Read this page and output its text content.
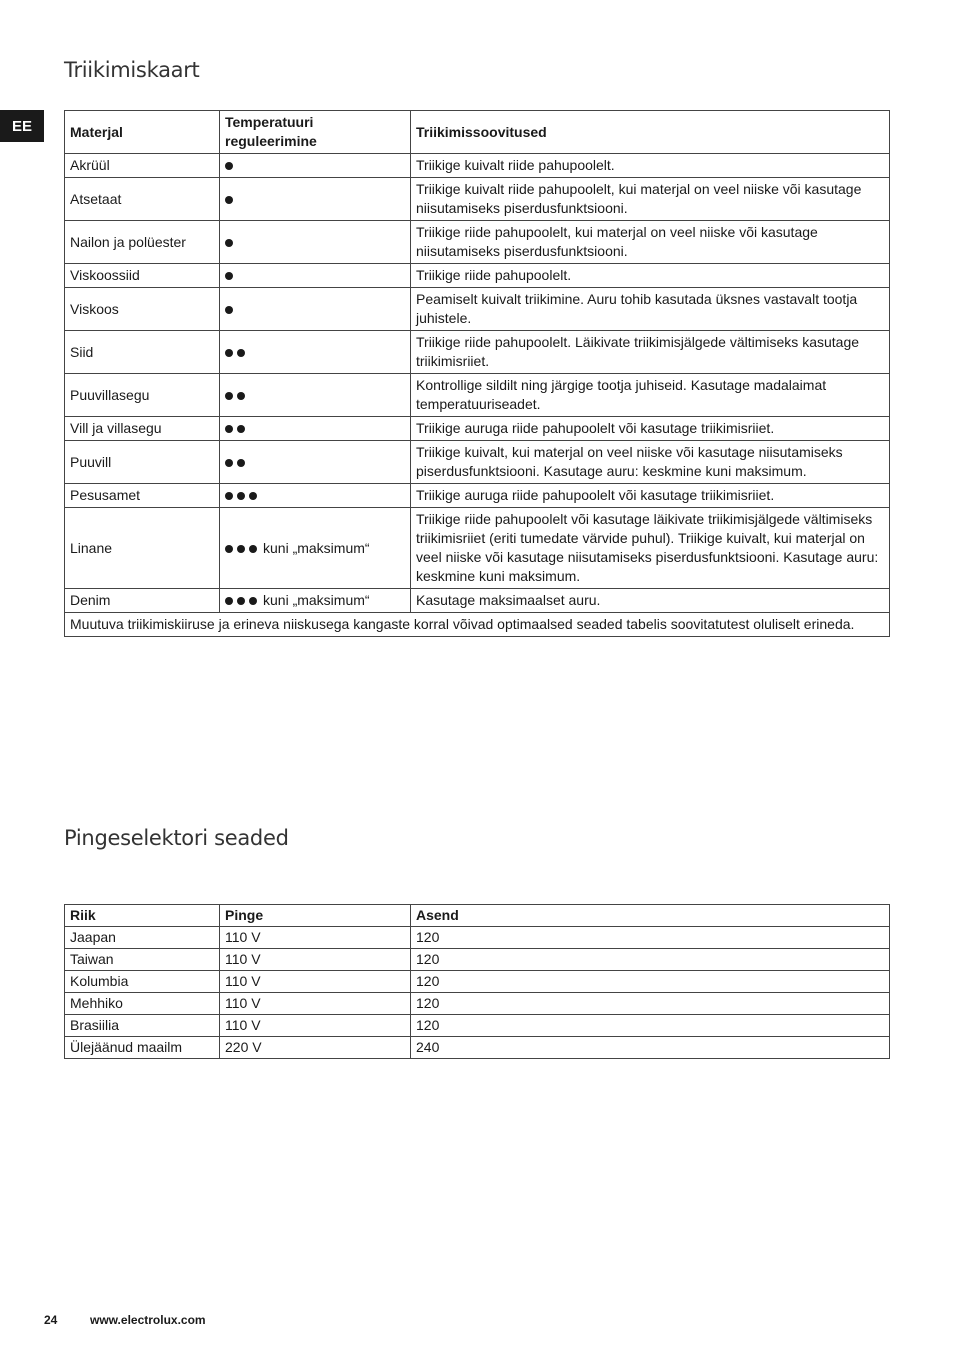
EE
Triikimiskaart
Materjal	Temperatuuri reguleerimine	Triikimissoovitused
Akrüül		Triikige kuivalt riide pahupoolelt.
Atsetaat		Triikige kuivalt riide pahupoolelt, kui materjal on veel niiske või kasutage niisutamiseks piserdusfunktsiooni.
Nailon ja polüester		Triikige riide pahupoolelt, kui materjal on veel niiske või kasutage niisutamiseks piserdusfunktsiooni.
Viskoossiid		Triikige riide pahupoolelt.
Viskoos		Peamiselt kuivalt triikimine. Auru tohib kasutada üksnes vastavalt tootja juhistele.
Siid		Triikige riide pahupoolelt. Läikivate triikimisjälgede vältimiseks kasutage triikimisriiet.
Puuvillasegu		Kontrollige sildilt ning järgige tootja juhiseid. Kasutage madalaimat temperatuuriseadet.
Vill ja villasegu		Triikige auruga riide pahupoolelt või kasutage triikimisriiet.
Puuvill		Triikige kuivalt, kui materjal on veel niiske või kasutage niisutamiseks piserdusfunktsiooni. Kasutage auru: keskmine kuni maksimum.
Pesusamet		Triikige auruga riide pahupoolelt või kasutage triikimisriiet.
Linane	kuni „maksimum“	Triikige riide pahupoolelt või kasutage läikivate triikimisjälgede vältimiseks triikimisriiet (eriti tumedate värvide puhul). Triikige kuivalt, kui materjal on veel niiske või kasutage niisutamiseks piserdusfunktsiooni. Kasutage auru: keskmine kuni maksimum.
Denim	kuni „maksimum“	Kasutage maksimaalset auru.
Muutuva triikimiskiiruse ja erineva niiskusega kangaste korral võivad optimaalsed seaded tabelis soovitatutest oluliselt erineda.		
Pingeselektori seaded
Riik	Pinge	Asend
Jaapan	110 V	120
Taiwan	110 V	120
Kolumbia	110 V	120
Mehhiko	110 V	120
Brasiilia	110 V	120
Ülejäänud maailm	220 V	240
24	www.electrolux.com
